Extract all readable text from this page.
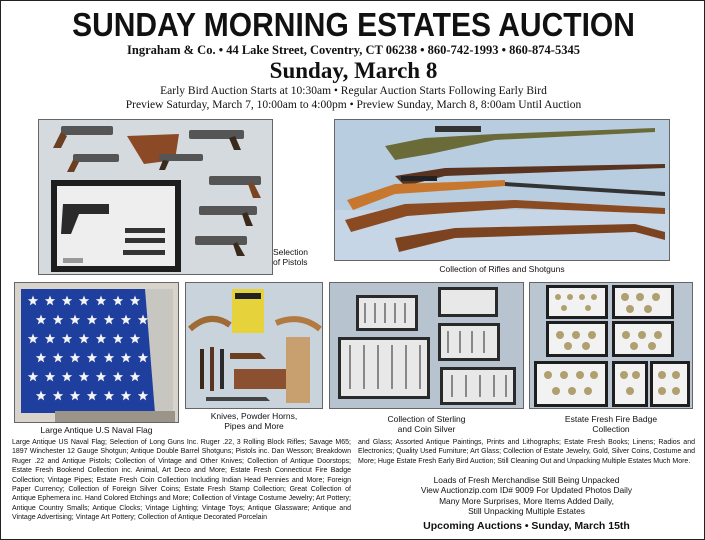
SUNDAY MORNING ESTATES AUCTION
Ingraham & Co. • 44 Lake Street, Coventry, CT 06238 • 860-742-1993 • 860-874-5345
Sunday, March 8
Early Bird Auction Starts at 10:30am • Regular Auction Starts Following Early Bird
Preview Saturday, March 7, 10:00am to 4:00pm • Preview Sunday, March 8, 8:00am Until Auction
Selection
of Pistols
Collection of Rifles and Shotguns
Large Antique U.S Naval Flag
Knives, Powder Horns,
Pipes and More
Collection of Sterling
and Coin Silver
Estate Fresh Fire Badge
Collection
Large Antique US Naval Flag; Selection of Long Guns Inc. Ruger .22, 3 Rolling Block Rifles; Savage M65; 1897 Winchester 12 Gauge Shotgun; Antique Double Barrel Shotguns; Pistols inc. Dan Wesson; Breakdown Ruger .22 and Antique Pistols; Collection of Vintage and Other Knives; Collection of Antique Doorstops; Estate Fresh Bookend Collection inc. Animal, Art Deco and More; Estate Fresh Connecticut Fire Badge Collection; Vintage Pipes; Estate Fresh Coin Collection Including Indian Head Pennies and More; Foreign Paper Currency; Collection of Foreign Silver Coins; Estate Fresh Stamp Collection; Great Collection of Antique Ephemera inc. Hand Colored Etchings and More; Collection of Vintage Costume Jewelry; Art Pottery; Antique Country Smalls; Antique Clocks; Vintage Lighting; Vintage Toys; Antique Glassware; Antique and Vintage Advertising; Vintage Art Pottery; Collection of Antique Decorated Porcelain
and Glass; Assorted Antique Paintings, Prints and Lithographs; Estate Fresh Books; Linens; Radios and Electronics; Quality Used Furniture; Art Glass; Collection of Estate Jewelry, Gold, Silver Coins, Costume and More; Huge Estate Fresh Early Bird Auction; Still Cleaning Out and Unpacking Multiple Estates Much More.
Loads of Fresh Merchandise Still Being Unpacked
View Auctionzip.com ID# 9009 For Updated Photos Daily
Many More Surprises, More Items Added Daily,
Still Unpacking Multiple Estates
Upcoming Auctions • Sunday, March 15th
